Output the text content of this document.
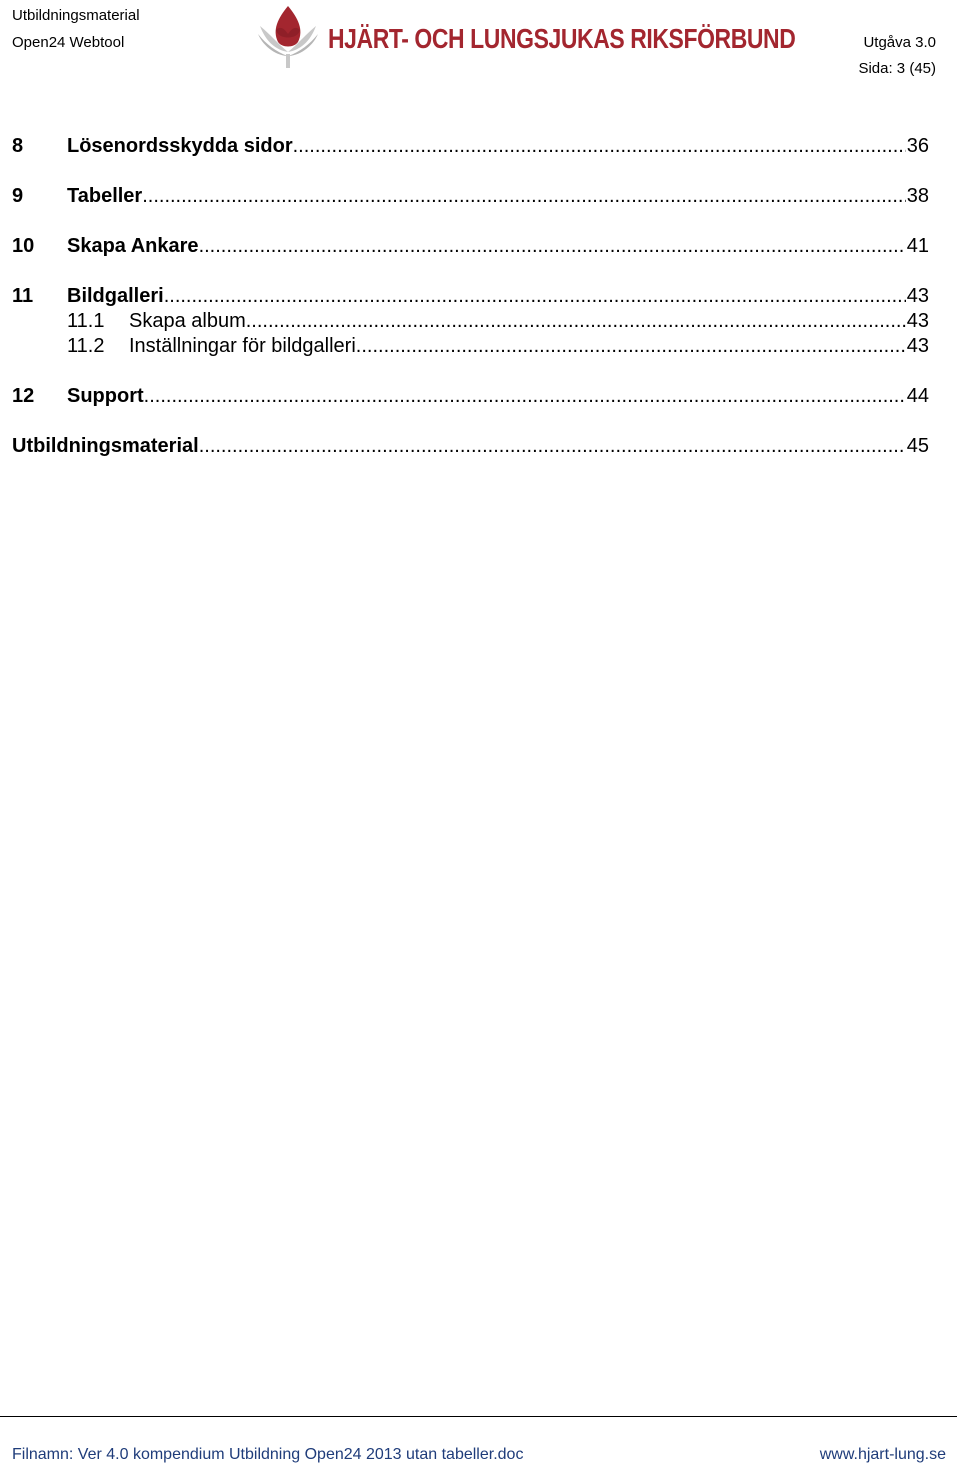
Utbildningsmaterial
Open24 Webtool	HJÄRT- OCH LUNGSJUKAS RIKSFÖRBUND	Utgåva 3.0
Sida: 3 (45)
8	Lösenordsskydda sidor .....	36
9	Tabeller .....	38
10	Skapa Ankare .....	41
11	Bildgalleri .....	43
11.1	Skapa album .....	43
11.2	Inställningar för bildgalleri .....	43
12	Support .....	44
Utbildningsmaterial .....	45
Filnamn: Ver 4.0 kompendium Utbildning Open24 2013 utan tabeller.doc	www.hjart-lung.se
